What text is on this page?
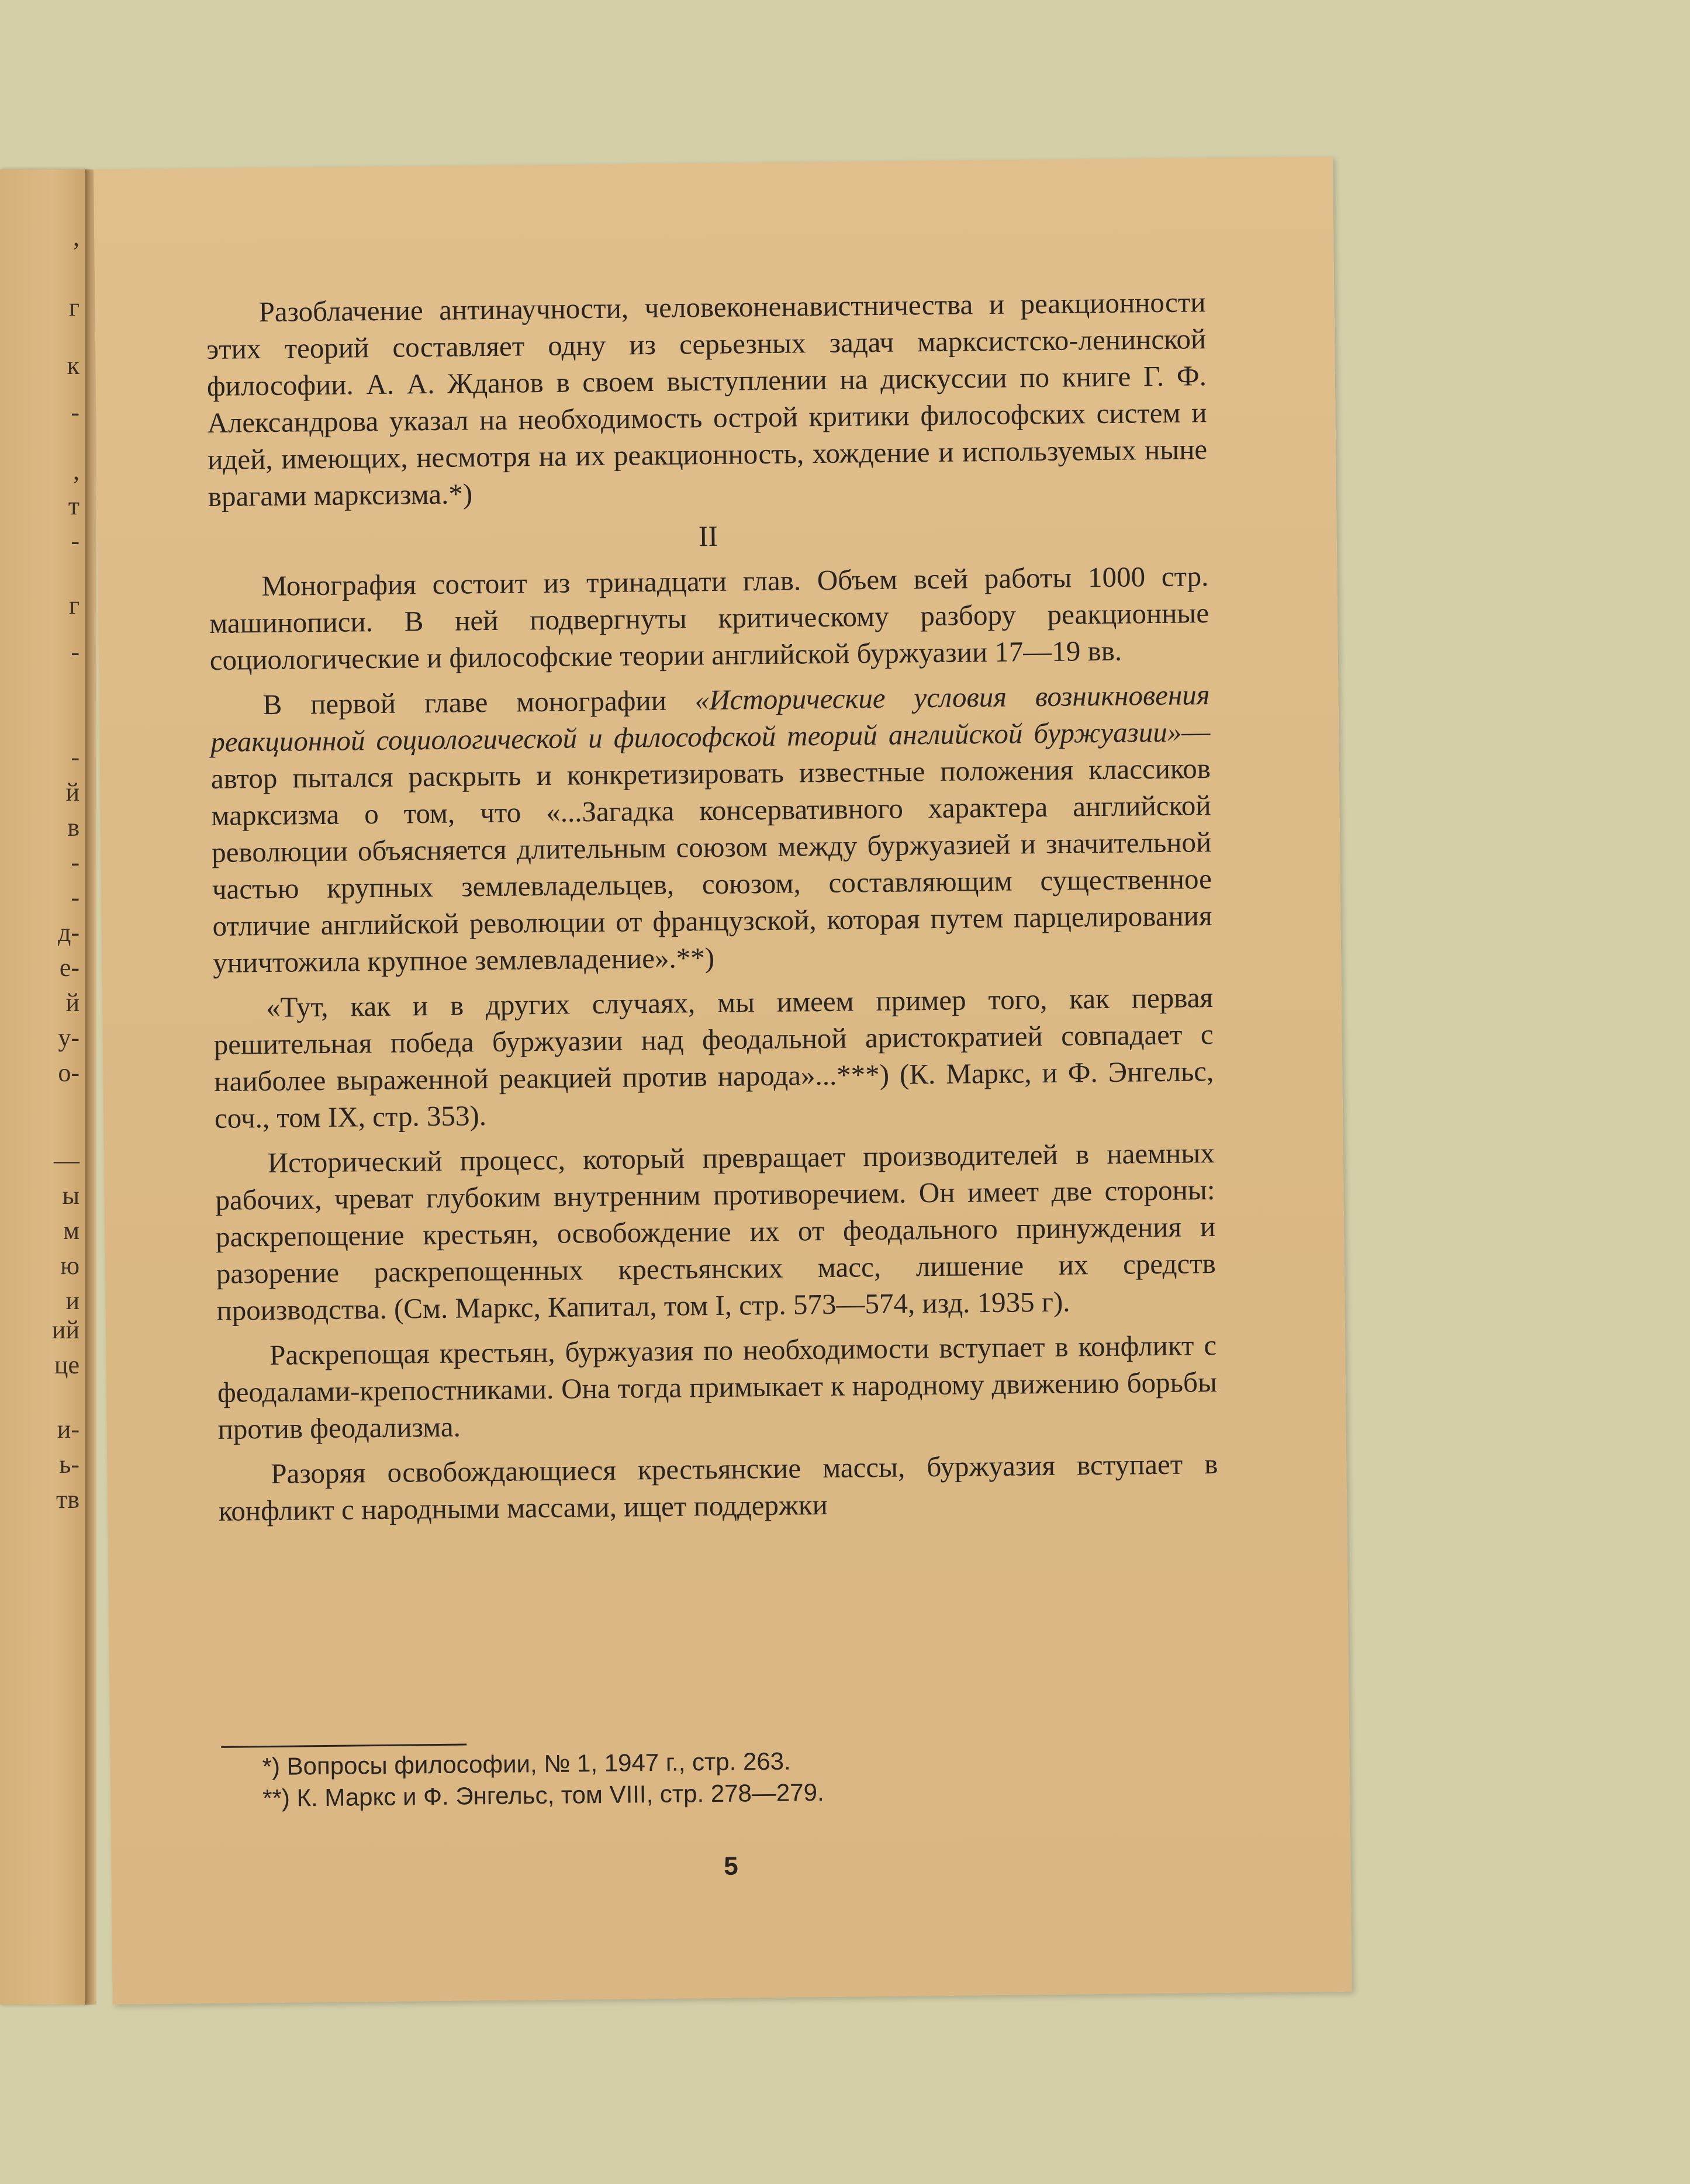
,
г
к
-
,
т
-
г
-
-
й
в
-
-
д-
е-
й
у-
о-
—
ы
м
ю
и
ий
це
и-
ь-
тв

Разоблачение антинаучности, человеконенавистничества и реакционности этих теорий составляет одну из серьезных задач марксистско-ленинской философии. А. А. Жданов в своем выступлении на дискуссии по книге Г. Ф. Александрова указал на необходимость острой критики философских систем и идей, имеющих, несмотря на их реакционность, хождение и используемых ныне врагами марксизма.*)

II

Монография состоит из тринадцати глав. Объем всей работы 1000 стр. машинописи. В ней подвергнуты критическому разбору реакционные социологические и философские теории английской буржуазии 17—19 вв.

В первой главе монографии «Исторические условия возникновения реакционной социологической и философской теорий английской буржуазии»—автор пытался раскрыть и конкретизировать известные положения классиков марксизма о том, что «...Загадка консервативного характера английской революции объясняется длительным союзом между буржуазией и значительной частью крупных землевладельцев, союзом, составляющим существенное отличие английской революции от французской, которая путем парцелирования уничтожила крупное землевладение».**)

«Тут, как и в других случаях, мы имеем пример того, как первая решительная победа буржуазии над феодальной аристократией совпадает с наиболее выраженной реакцией против народа»...***) (К. Маркс, и Ф. Энгельс, соч., том IX, стр. 353).

Исторический процесс, который превращает производителей в наемных рабочих, чреват глубоким внутренним противоречием. Он имеет две стороны: раскрепощение крестьян, освобождение их от феодального принуждения и разорение раскрепощенных крестьянских масс, лишение их средств производства. (См. Маркс, Капитал, том I, стр. 573—574, изд. 1935 г).

Раскрепощая крестьян, буржуазия по необходимости вступает в конфликт с феодалами-крепостниками. Она тогда примыкает к народному движению борьбы против феодализма.

Разоряя освобождающиеся крестьянские массы, буржуазия вступает в конфликт с народными массами, ищет поддержки

*) Вопросы философии, № 1, 1947 г., стр. 263.
**) К. Маркс и Ф. Энгельс, том VIII, стр. 278—279.
5
